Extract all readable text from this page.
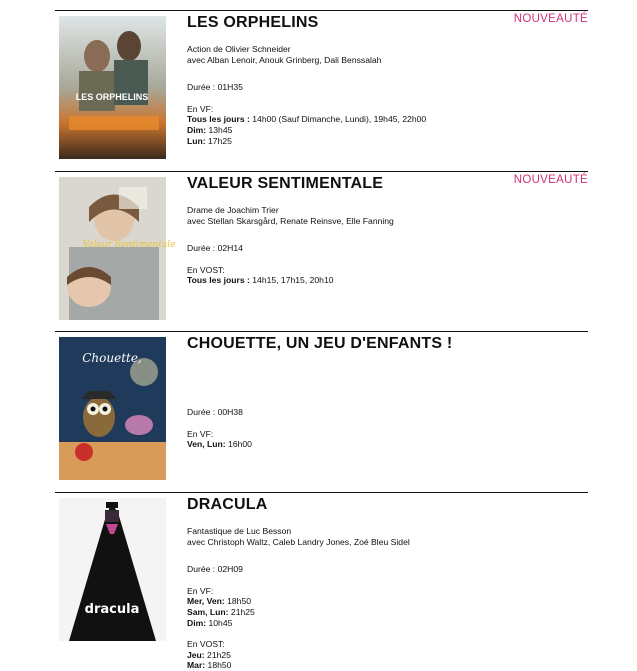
LES ORPHELINS
NOUVEAUTÉ
LES ORPHELINS
Action de Olivier Schneider
avec Alban Lenoir, Anouk Grinberg, Dali Benssalah
Durée : 01H35
En VF:
Tous les jours : 14h00 (Sauf Dimanche, Lundi), 19h45, 22h00
Dim: 13h45
Lun: 17h25
Valeur Sentimentale
NOUVEAUTÉ
VALEUR SENTIMENTALE
Drame de Joachim Trier
avec Stellan Skarsgård, Renate Reinsve, Elle Fanning
Durée : 02H14
En VOST:
Tous les jours : 14h15, 17h15, 20h10
Chouette,
CHOUETTE, UN JEU D'ENFANTS !
Durée : 00H38
En VF:
Ven, Lun: 16h00
dracula
DRACULA
Fantastique de Luc Besson
avec Christoph Waltz, Caleb Landry Jones, Zoé Bleu Sidel
Durée : 02H09
En VF:
Mer, Ven: 18h50
Sam, Lun: 21h25
Dim: 10h45
En VOST:
Jeu: 21h25
Mar: 18h50
